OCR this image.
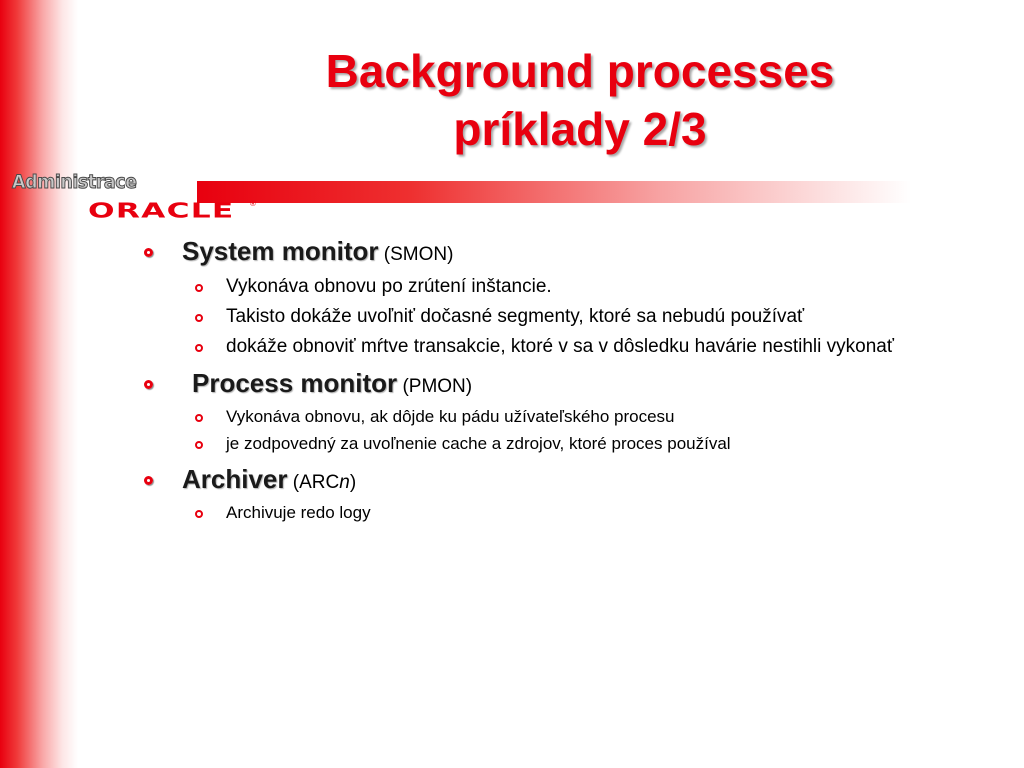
Background processes
príklady 2/3
Administrace
ORACLE ®
System monitor (SMON)
Vykonáva obnovu po zrútení inštancie.
Takisto dokáže uvoľniť dočasné segmenty, ktoré sa nebudú používať
dokáže obnoviť mŕtve transakcie, ktoré v sa v dôsledku havárie nestihli vykonať
Process monitor (PMON)
Vykonáva obnovu, ak dôjde ku pádu užívateľského procesu
je zodpovedný za uvoľnenie cache a zdrojov, ktoré proces používal
Archiver (ARCn)
Archivuje redo logy
